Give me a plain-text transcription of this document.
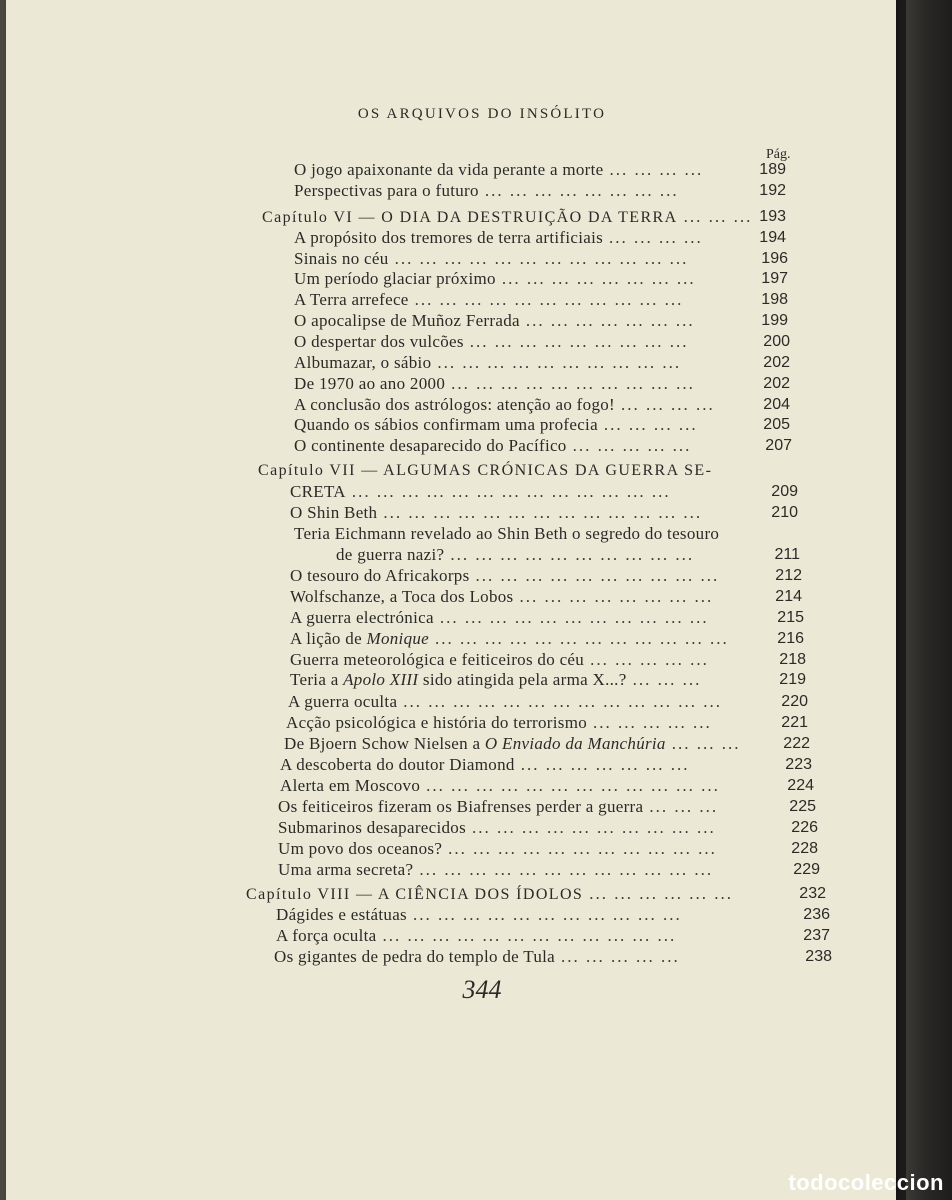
OS ARQUIVOS DO INSÓLITO
Pág.
O jogo apaixonante da vida perante a morte ... ... ... ...	189
Perspectivas para o futuro ... ... ... ... ... ... ... ...	192
Capítulo VI — O DIA DA DESTRUIÇÃO DA TERRA ... ... ... 193
A propósito dos tremores de terra artificiais ... ... ... ...	194
Sinais no céu ... ... ... ... ... ... ... ... ... ... ... ...	196
Um período glaciar próximo ... ... ... ... ... ... ... ...	197
A Terra arrefece ... ... ... ... ... ... ... ... ... ... ...	198
O apocalipse de Muñoz Ferrada ... ... ... ... ... ... ...	199
O despertar dos vulcões ... ... ... ... ... ... ... ... ...	200
Albumazar, o sábio ... ... ... ... ... ... ... ... ... ...	202
De 1970 ao ano 2000 ... ... ... ... ... ... ... ... ... ...	202
A conclusão dos astrólogos: atenção ao fogo! ... ... ... ...	204
Quando os sábios confirmam uma profecia ... ... ... ...	205
O continente desaparecido do Pacífico ... ... ... ... ...	207
Capítulo VII — ALGUMAS CRÓNICAS DA GUERRA SE-
CRETA ... ... ... ... ... ... ... ... ... ... ... ... ...	209
O Shin Beth ... ... ... ... ... ... ... ... ... ... ... ... ...	210
Teria Eichmann revelado ao Shin Beth o segredo do tesouro
de guerra nazi? ... ... ... ... ... ... ... ... ... ...	211
O tesouro do Africakorps ... ... ... ... ... ... ... ... ... ...	212
Wolfschanze, a Toca dos Lobos ... ... ... ... ... ... ... ...	214
A guerra electrónica ... ... ... ... ... ... ... ... ... ... ...	215
A lição de Monique ... ... ... ... ... ... ... ... ... ... ... ...	216
Guerra meteorológica e feiticeiros do céu ... ... ... ... ...	218
Teria a Apolo XIII sido atingida pela arma X...? ... ... ...	219
A guerra oculta ... ... ... ... ... ... ... ... ... ... ... ... ...	220
Acção psicológica e história do terrorismo ... ... ... ... ...	221
De Bjoern Schow Nielsen a O Enviado da Manchúria ... ... ...	222
A descoberta do doutor Diamond ... ... ... ... ... ... ...	223
Alerta em Moscovo ... ... ... ... ... ... ... ... ... ... ... ...	224
Os feiticeiros fizeram os Biafrenses perder a guerra ... ... ...	225
Submarinos desaparecidos ... ... ... ... ... ... ... ... ... ...	226
Um povo dos oceanos? ... ... ... ... ... ... ... ... ... ... ...	228
Uma arma secreta? ... ... ... ... ... ... ... ... ... ... ... ...	229
Capítulo VIII — A CIÊNCIA DOS ÍDOLOS ... ... ... ... ... ...	232
Dágides e estátuas ... ... ... ... ... ... ... ... ... ... ...	236
A força oculta ... ... ... ... ... ... ... ... ... ... ... ...	237
Os gigantes de pedra do templo de Tula ... ... ... ... ...	238
344
todocoleccion
